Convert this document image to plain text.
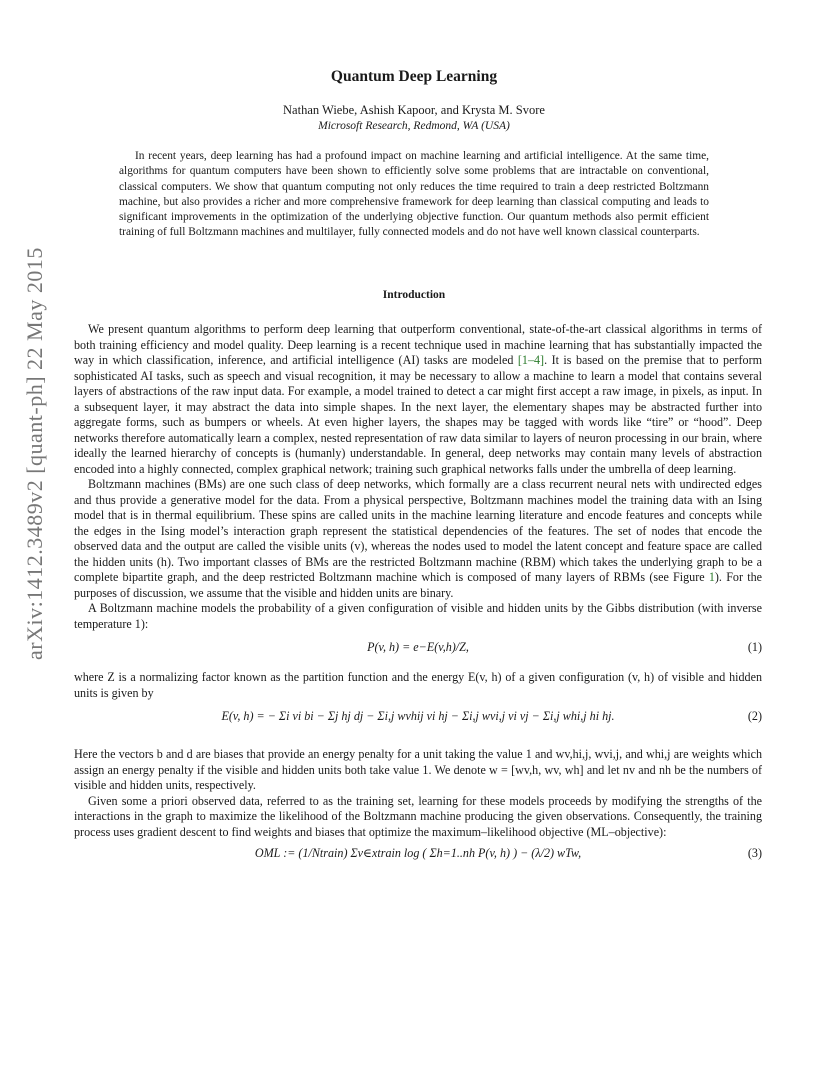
arXiv:1412.3489v2 [quant-ph] 22 May 2015
Quantum Deep Learning
Nathan Wiebe, Ashish Kapoor, and Krysta M. Svore
Microsoft Research, Redmond, WA (USA)
In recent years, deep learning has had a profound impact on machine learning and artificial intelligence. At the same time, algorithms for quantum computers have been shown to efficiently solve some problems that are intractable on conventional, classical computers. We show that quantum computing not only reduces the time required to train a deep restricted Boltzmann machine, but also provides a richer and more comprehensive framework for deep learning than classical computing and leads to significant improvements in the optimization of the underlying objective function. Our quantum methods also permit efficient training of full Boltzmann machines and multilayer, fully connected models and do not have well known classical counterparts.
Introduction

We present quantum algorithms to perform deep learning that outperform conventional, state-of-the-art classical algorithms in terms of both training efficiency and model quality. Deep learning is a recent technique used in machine learning that has substantially impacted the way in which classification, inference, and artificial intelligence (AI) tasks are modeled [1–4]. It is based on the premise that to perform sophisticated AI tasks, such as speech and visual recognition, it may be necessary to allow a machine to learn a model that contains several layers of abstractions of the raw input data. For example, a model trained to detect a car might first accept a raw image, in pixels, as input. In a subsequent layer, it may abstract the data into simple shapes. In the next layer, the elementary shapes may be abstracted further into aggregate forms, such as bumpers or wheels. At even higher layers, the shapes may be tagged with words like “tire” or “hood”. Deep networks therefore automatically learn a complex, nested representation of raw data similar to layers of neuron processing in our brain, where ideally the learned hierarchy of concepts is (humanly) understandable. In general, deep networks may contain many levels of abstraction encoded into a highly connected, complex graphical network; training such graphical networks falls under the umbrella of deep learning.

Boltzmann machines (BMs) are one such class of deep networks, which formally are a class recurrent neural nets with undirected edges and thus provide a generative model for the data. From a physical perspective, Boltzmann machines model the training data with an Ising model that is in thermal equilibrium. These spins are called units in the machine learning literature and encode features and concepts while the edges in the Ising model’s interaction graph represent the statistical dependencies of the features. The set of nodes that encode the observed data and the output are called the visible units (v), whereas the nodes used to model the latent concept and feature space are called the hidden units (h). Two important classes of BMs are the restricted Boltzmann machine (RBM) which takes the underlying graph to be a complete bipartite graph, and the deep restricted Boltzmann machine which is composed of many layers of RBMs (see Figure 1). For the purposes of discussion, we assume that the visible and hidden units are binary.

A Boltzmann machine models the probability of a given configuration of visible and hidden units by the Gibbs distribution (with inverse temperature 1):

P(v, h) = e−E(v,h)/Z,	(1)

where Z is a normalizing factor known as the partition function and the energy E(v, h) of a given configuration (v, h) of visible and hidden units is given by

E(v, h) = − Σi vi bi − Σj hj dj − Σi,j wvhij vi hj − Σi,j wvi,j vi vj − Σi,j whi,j hi hj.	(2)

Here the vectors b and d are biases that provide an energy penalty for a unit taking the value 1 and wv,hi,j, wvi,j, and whi,j are weights which assign an energy penalty if the visible and hidden units both take value 1. We denote w = [wv,h, wv, wh] and let nv and nh be the numbers of visible and hidden units, respectively.

Given some a priori observed data, referred to as the training set, learning for these models proceeds by modifying the strengths of the interactions in the graph to maximize the likelihood of the Boltzmann machine producing the given observations. Consequently, the training process uses gradient descent to find weights and biases that optimize the maximum–likelihood objective (ML–objective):

OML := (1/Ntrain) Σv∈xtrain log ( Σh=1..nh P(v, h) ) − (λ/2) wTw,	(3)
